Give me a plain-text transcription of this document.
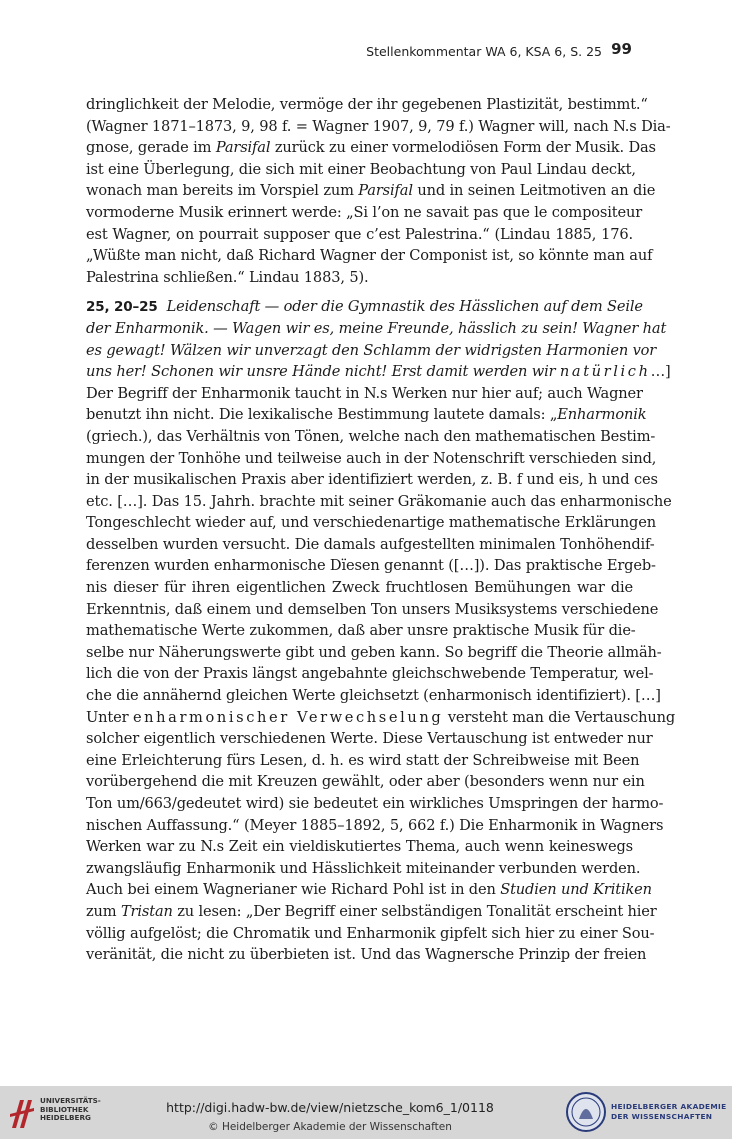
Stellenkommentar WA 6, KSA 6, S. 25 99
dringlichkeit der Melodie, vermöge der ihr gegebenen Plastizität, bestimmt.“
(Wagner 1871–1873, 9, 98 f. = Wagner 1907, 9, 79 f.) Wagner will, nach N.s Dia-
gnose, gerade im Parsifal zurück zu einer vormelodiösen Form der Musik. Das
ist eine Überlegung, die sich mit einer Beobachtung von Paul Lindau deckt,
wonach man bereits im Vorspiel zum Parsifal und in seinen Leitmotiven an die
vormoderne Musik erinnert werde: „Si l’on ne savait pas que le compositeur
est Wagner, on pourrait supposer que c’est Palestrina.“ (Lindau 1885, 176.
„Wüßte man nicht, daß Richard Wagner der Componist ist, so könnte man auf
Palestrina schließen.“ Lindau 1883, 5).
25, 20–25 Leidenschaft — oder die Gymnastik des Hässlichen auf dem Seile
der Enharmonik. — Wagen wir es, meine Freunde, hässlich zu sein! Wagner hat
es gewagt! Wälzen wir unverzagt den Schlamm der widrigsten Harmonien vor
uns her! Schonen wir unsre Hände nicht! Erst damit werden wir natürlich…]
Der Begriff der Enharmonik taucht in N.s Werken nur hier auf; auch Wagner
benutzt ihn nicht. Die lexikalische Bestimmung lautete damals: „Enharmonik
(griech.), das Verhältnis von Tönen, welche nach den mathematischen Bestim-
mungen der Tonhöhe und teilweise auch in der Notenschrift verschieden sind,
in der musikalischen Praxis aber identifiziert werden, z. B. f und eis, h und ces
etc. […]. Das 15. Jahrh. brachte mit seiner Gräkomanie auch das enharmonische
Tongeschlecht wieder auf, und verschiedenartige mathematische Erklärungen
desselben wurden versucht. Die damals aufgestellten minimalen Tonhöhendif-
ferenzen wurden enharmonische Dïesen genannt ([…]). Das praktische Ergeb-
nis dieser für ihren eigentlichen Zweck fruchtlosen Bemühungen war die
Erkenntnis, daß einem und demselben Ton unsers Musiksystems verschiedene
mathematische Werte zukommen, daß aber unsre praktische Musik für die-
selbe nur Näherungswerte gibt und geben kann. So begriff die Theorie allmäh-
lich die von der Praxis längst angebahnte gleichschwebende Temperatur, wel-
che die annähernd gleichen Werte gleichsetzt (enharmonisch identifiziert). […]
Unter enharmonischer Verwechselung versteht man die Vertauschung
solcher eigentlich verschiedenen Werte. Diese Vertauschung ist entweder nur
eine Erleichterung fürs Lesen, d. h. es wird statt der Schreibweise mit Been
vorübergehend die mit Kreuzen gewählt, oder aber (besonders wenn nur ein
Ton um/663/gedeutet wird) sie bedeutet ein wirkliches Umspringen der harmo-
nischen Auffassung.“ (Meyer 1885–1892, 5, 662 f.) Die Enharmonik in Wagners
Werken war zu N.s Zeit ein vieldiskutiertes Thema, auch wenn keineswegs
zwangsläufig Enharmonik und Hässlichkeit miteinander verbunden werden.
Auch bei einem Wagnerianer wie Richard Pohl ist in den Studien und Kritiken
zum Tristan zu lesen: „Der Begriff einer selbständigen Tonalität erscheint hier
völlig aufgelöst; die Chromatik und Enharmonik gipfelt sich hier zu einer Sou-
veränität, die nicht zu überbieten ist. Und das Wagnersche Prinzip der freien
UNIVERSITÄTS-
BIBLIOTHEK
HEIDELBERG
http://digi.hadw-bw.de/view/nietzsche_kom6_1/0118
© Heidelberger Akademie der Wissenschaften
HEIDELBERGER AKADEMIE
DER WISSENSCHAFTEN
